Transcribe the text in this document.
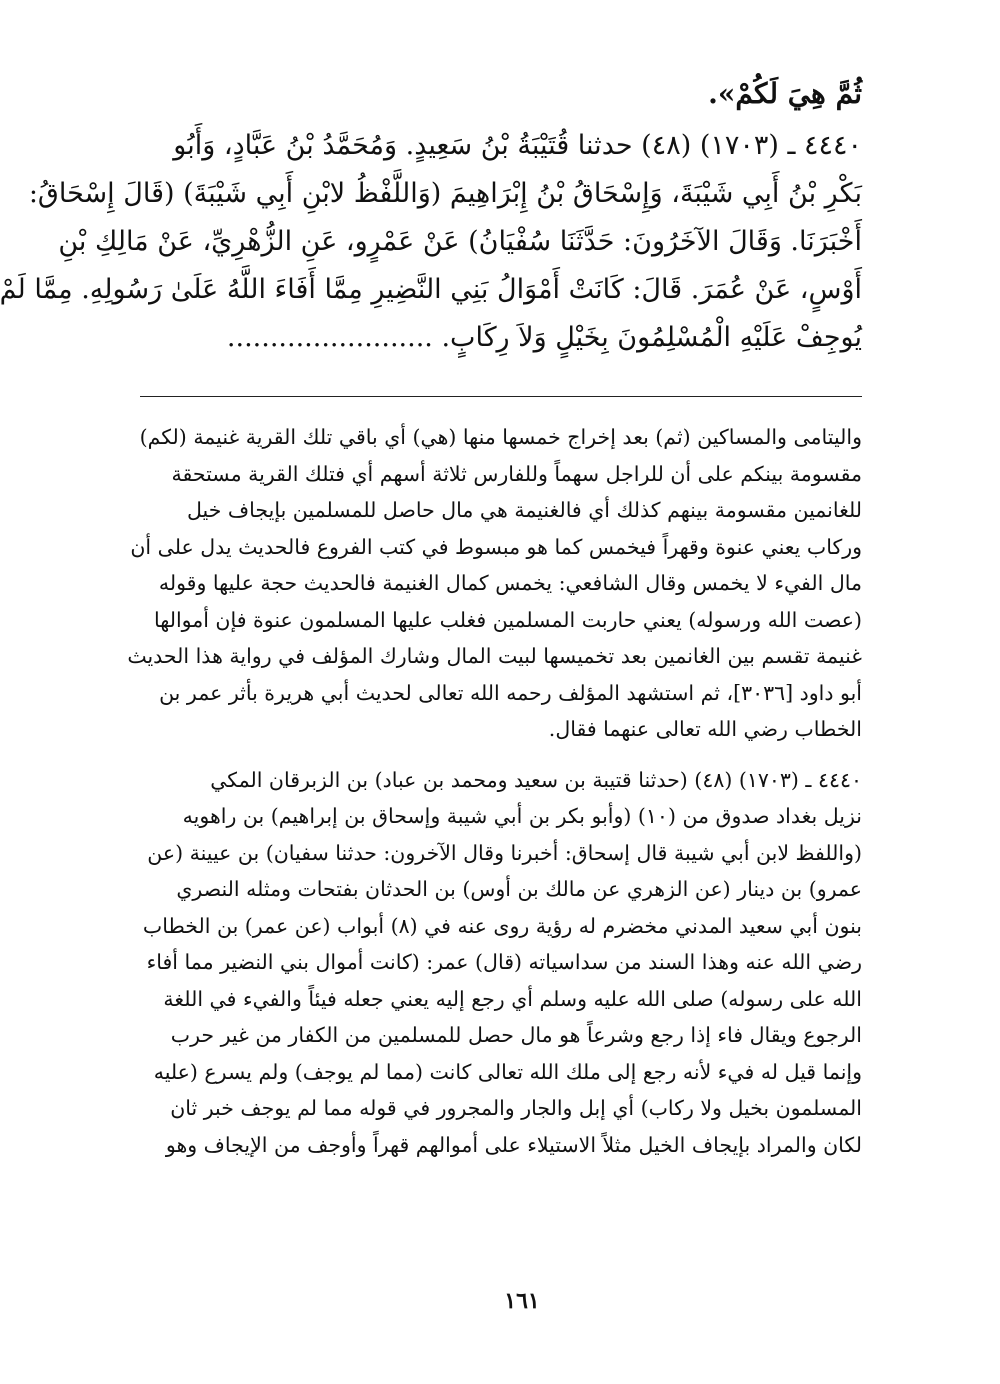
ثُمَّ هِيَ لَكُمْ».
٤٤٤٠ ـ (١٧٠٣) (٤٨) حدثنا قُتَيْبَةُ بْنُ سَعِيدٍ. وَمُحَمَّدُ بْنُ عَبَّادٍ، وَأَبُو
بَكْرِ بْنُ أَبِي شَيْبَةَ، وَإِسْحَاقُ بْنُ إِبْرَاهِيمَ (وَاللَّفْظُ لابْنِ أَبِي شَيْبَةَ) (قَالَ إِسْحَاقُ:
أَخْبَرَنَا. وَقَالَ الآخَرُونَ: حَدَّثَنَا سُفْيَانُ) عَنْ عَمْرٍو، عَنِ الزُّهْرِيِّ، عَنْ مَالِكِ بْنِ
أَوْسٍ، عَنْ عُمَرَ. قَالَ: كَانَتْ أَمْوَالُ بَنِي النَّضِيرِ مِمَّا أَفَاءَ اللَّهُ عَلَىٰ رَسُولِهِ. مِمَّا لَمْ
يُوجِفْ عَلَيْهِ الْمُسْلِمُونَ بِخَيْلٍ وَلاَ رِكَابٍ. ........................
واليتامى والمساكين (ثم) بعد إخراج خمسها منها (هي) أي باقي تلك القرية غنيمة (لكم)
مقسومة بينكم على أن للراجل سهماً وللفارس ثلاثة أسهم أي فتلك القرية مستحقة
للغانمين مقسومة بينهم كذلك أي فالغنيمة هي مال حاصل للمسلمين بإيجاف خيل
وركاب يعني عنوة وقهراً فيخمس كما هو مبسوط في كتب الفروع فالحديث يدل على أن
مال الفيء لا يخمس وقال الشافعي: يخمس كمال الغنيمة فالحديث حجة عليها وقوله
(عصت الله ورسوله) يعني حاربت المسلمين فغلب عليها المسلمون عنوة فإن أموالها
غنيمة تقسم بين الغانمين بعد تخميسها لبيت المال وشارك المؤلف في رواية هذا الحديث
أبو داود [٣٠٣٦]، ثم استشهد المؤلف رحمه الله تعالى لحديث أبي هريرة بأثر عمر بن
الخطاب رضي الله تعالى عنهما فقال.
٤٤٤٠ ـ (١٧٠٣) (٤٨) (حدثنا قتيبة بن سعيد ومحمد بن عباد) بن الزبرقان المكي
نزيل بغداد صدوق من (١٠) (وأبو بكر بن أبي شيبة وإسحاق بن إبراهيم) بن راهويه
(واللفظ لابن أبي شيبة قال إسحاق: أخبرنا وقال الآخرون: حدثنا سفيان) بن عيينة (عن
عمرو) بن دينار (عن الزهري عن مالك بن أوس) بن الحدثان بفتحات ومثله النصري
بنون أبي سعيد المدني مخضرم له رؤية روى عنه في (٨) أبواب (عن عمر) بن الخطاب
رضي الله عنه وهذا السند من سداسياته (قال) عمر: (كانت أموال بني النضير مما أفاء
الله على رسوله) صلى الله عليه وسلم أي رجع إليه يعني جعله فيئاً والفيء في اللغة
الرجوع ويقال فاء إذا رجع وشرعاً هو مال حصل للمسلمين من الكفار من غير حرب
وإنما قيل له فيء لأنه رجع إلى ملك الله تعالى كانت (مما لم يوجف) ولم يسرع (عليه
المسلمون بخيل ولا ركاب) أي إبل والجار والمجرور في قوله مما لم يوجف خبر ثان
لكان والمراد بإيجاف الخيل مثلاً الاستيلاء على أموالهم قهراً وأوجف من الإيجاف وهو
١٦١
